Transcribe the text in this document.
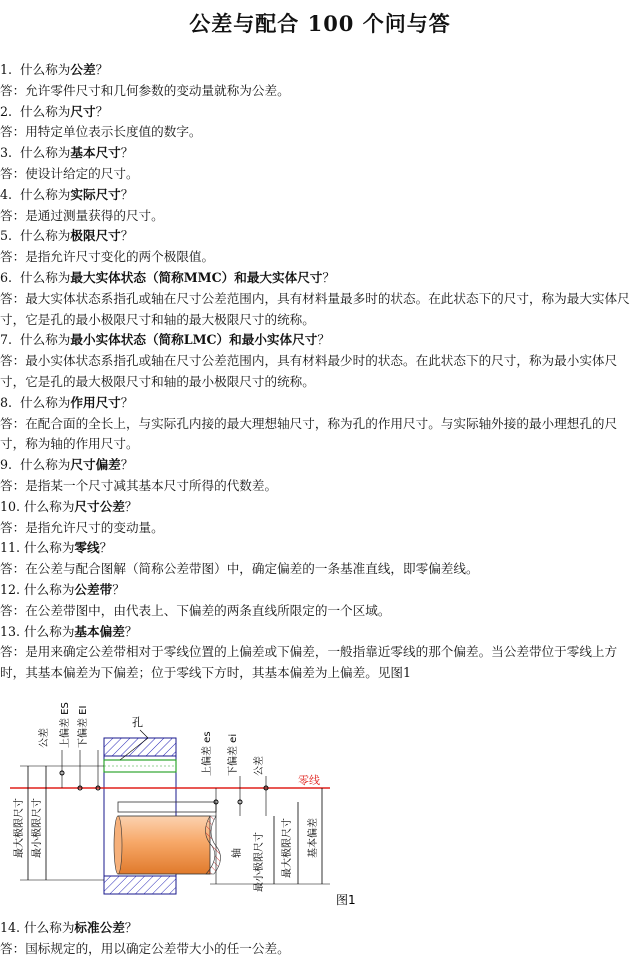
公差与配合 100 个问与答

1. 什么称为公差？

答：允许零件尺寸和几何参数的变动量就称为公差。

2. 什么称为尺寸？

答：用特定单位表示长度值的数字。

3. 什么称为基本尺寸？

答：使设计给定的尺寸。

4. 什么称为实际尺寸？

答：是通过测量获得的尺寸。

5. 什么称为极限尺寸？

答：是指允许尺寸变化的两个极限值。

6. 什么称为最大实体状态（简称MMC）和最大实体尺寸？

答：最大实体状态系指孔或轴在尺寸公差范围内，具有材料量最多时的状态。在此状态下的尺寸，称为最大实体尺寸，它是孔的最小极限尺寸和轴的最大极限尺寸的统称。

7. 什么称为最小实体状态（简称LMC）和最小实体尺寸？

答：最小实体状态系指孔或轴在尺寸公差范围内，具有材料最少时的状态。在此状态下的尺寸，称为最小实体尺寸，它是孔的最大极限尺寸和轴的最小极限尺寸的统称。

8. 什么称为作用尺寸？

答：在配合面的全长上，与实际孔内接的最大理想轴尺寸，称为孔的作用尺寸。与实际轴外接的最小理想孔的尺寸，称为轴的作用尺寸。

9. 什么称为尺寸偏差？

答：是指某一个尺寸减其基本尺寸所得的代数差。

10. 什么称为尺寸公差？

答：是指允许尺寸的变动量。

11. 什么称为零线？

答：在公差与配合图解（简称公差带图）中，确定偏差的一条基准直线，即零偏差线。

12. 什么称为公差带？

答：在公差带图中，由代表上、下偏差的两条直线所限定的一个区域。

13. 什么称为基本偏差？

答：是用来确定公差带相对于零线位置的上偏差或下偏差，一般指靠近零线的那个偏差。当公差带位于零线上方时，其基本偏差为下偏差；位于零线下方时，其基本偏差为上偏差。见图1

零线
公差 上偏差 ES 下偏差 EI	孔
上偏差 es 下偏差 ei 公差
最大极限尺寸 最小极限尺寸	轴 最小极限尺寸 最大极限尺寸 基本偏差
图1

14. 什么称为标准公差？

答：国标规定的，用以确定公差带大小的任一公差。
